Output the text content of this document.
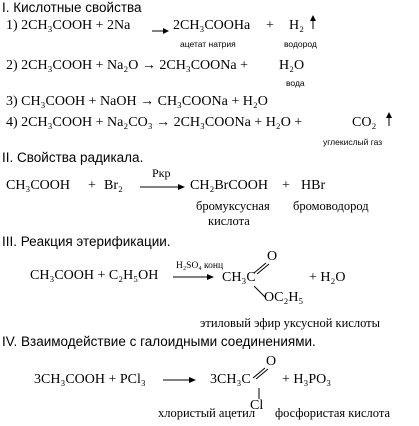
I. Кислотные свойства
1) 2CH₃COOH + 2Na → 2CH₃COOHa + H₂
ацетат натрия	водород
2) 2CH₃COOH + Na₂O → 2CH₃COONa + H₂O
вода
3) CH₃COOH + NaOH → CH₃COONa + H₂O
4) 2CH₃COOH + Na₂CO₃ → 2CH₃COONa + H₂O +	CO₂
углекислый газ
II. Свойства радикала.
CH₃COOH + Br₂
Pкр
→ CH₂BrCOOH + HBr
бромуксусная
кислота
бромоводород
III. Реакция этерификации.
CH₃COOH + C₂H₅OH
H₂SO₄ конц
→ CH₃C
O
OC₂H₅
+ H₂O
этиловый эфир уксусной кислоты
IV. Взаимодействие с галоидными соединениями.
3CH₃COOH + PCl₃ → 3CH₃C
O
Cl
+ H₃PO₃
хлористый ацетил фосфористая кислота
